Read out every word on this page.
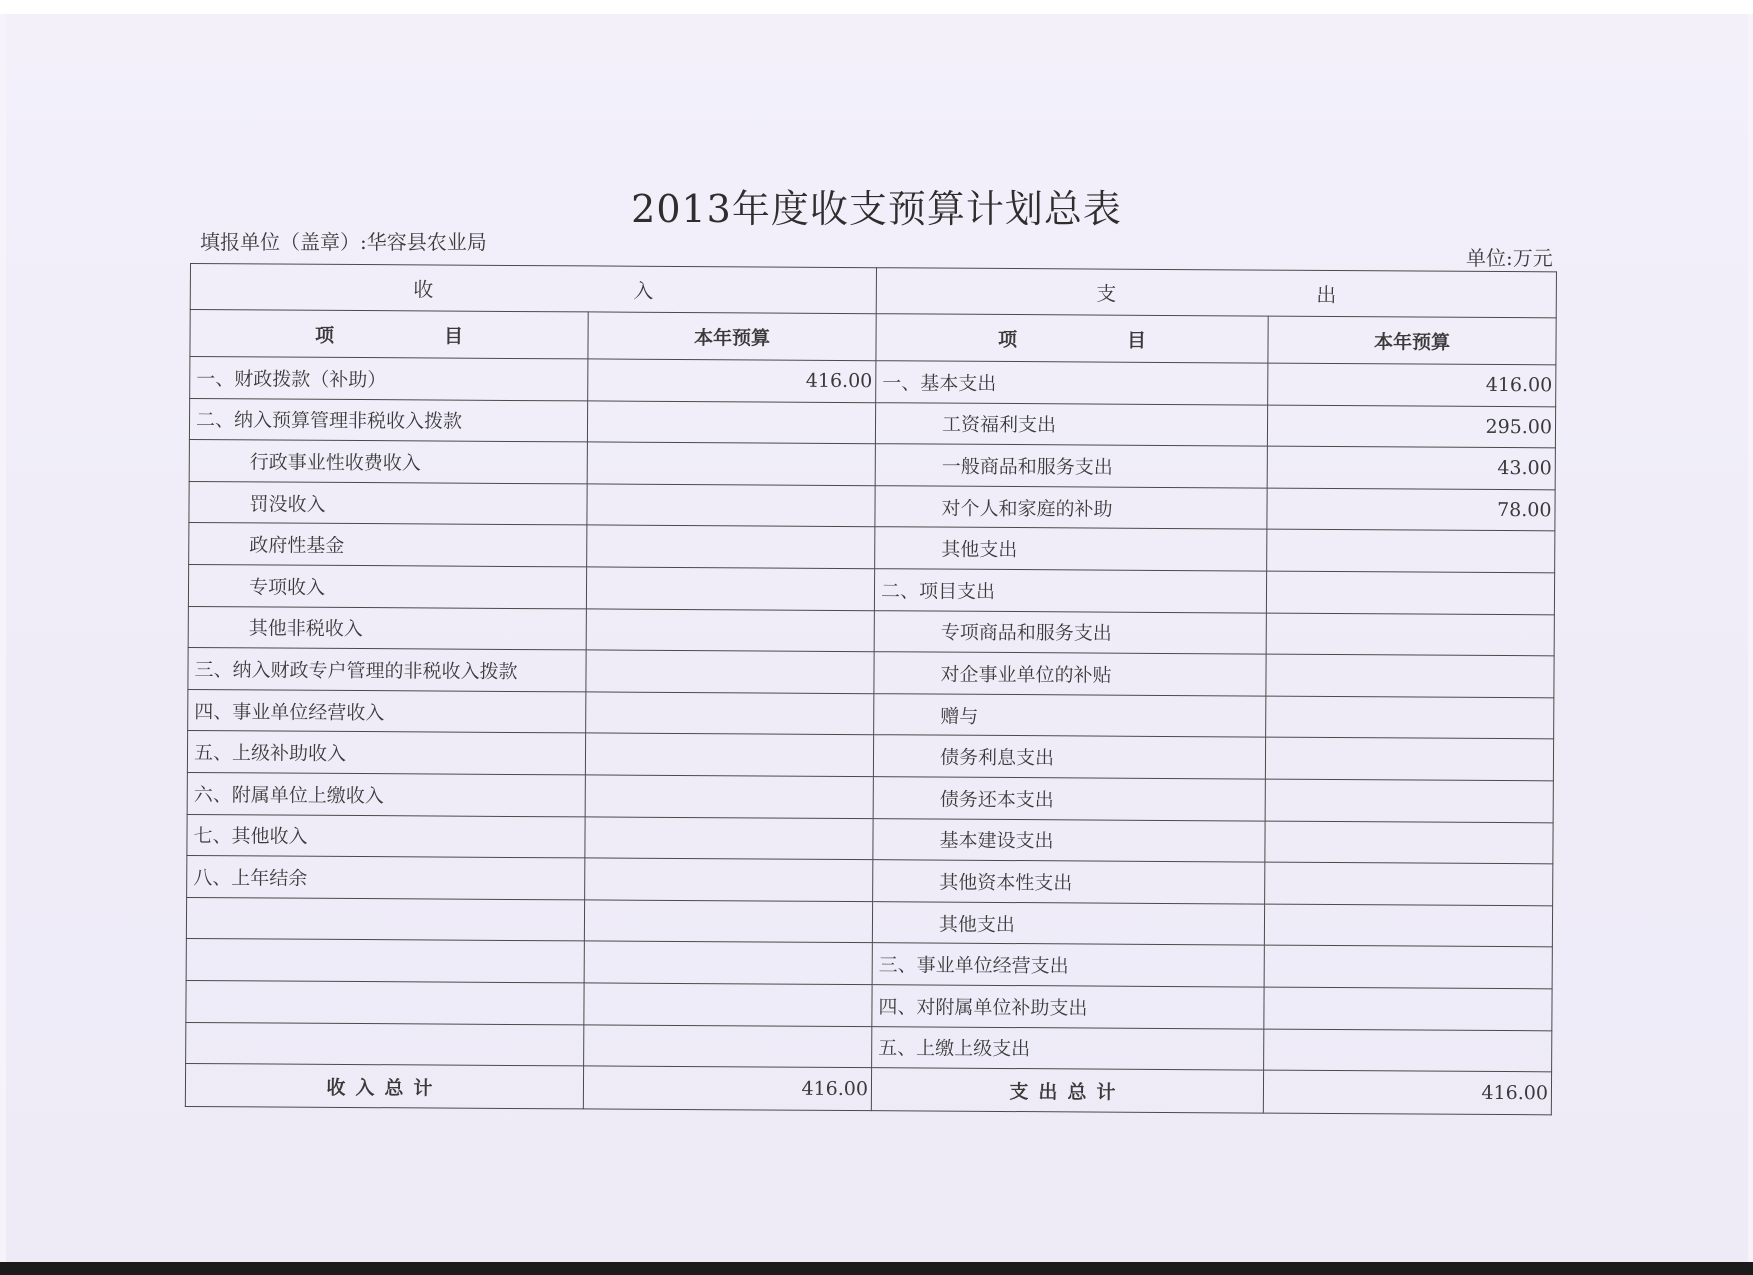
2013年度收支预算计划总表
填报单位（盖章）:华容县农业局
单位:万元
收 入		支 出	
项 目	本年预算	项 目	本年预算
一、财政拨款（补助）	416.00	一、基本支出	416.00
二、纳入预算管理非税收入拨款		工资福利支出	295.00
行政事业性收费收入		一般商品和服务支出	43.00
罚没收入		对个人和家庭的补助	78.00
政府性基金		其他支出	
专项收入		二、项目支出	
其他非税收入		专项商品和服务支出	
三、纳入财政专户管理的非税收入拨款		对企事业单位的补贴	
四、事业单位经营收入		赠与	
五、上级补助收入		债务利息支出	
六、附属单位上缴收入		债务还本支出	
七、其他收入		基本建设支出	
八、上年结余		其他资本性支出	
		其他支出	
		三、事业单位经营支出	
		四、对附属单位补助支出	
		五、上缴上级支出	
收入总计	416.00	支出总计	416.00
